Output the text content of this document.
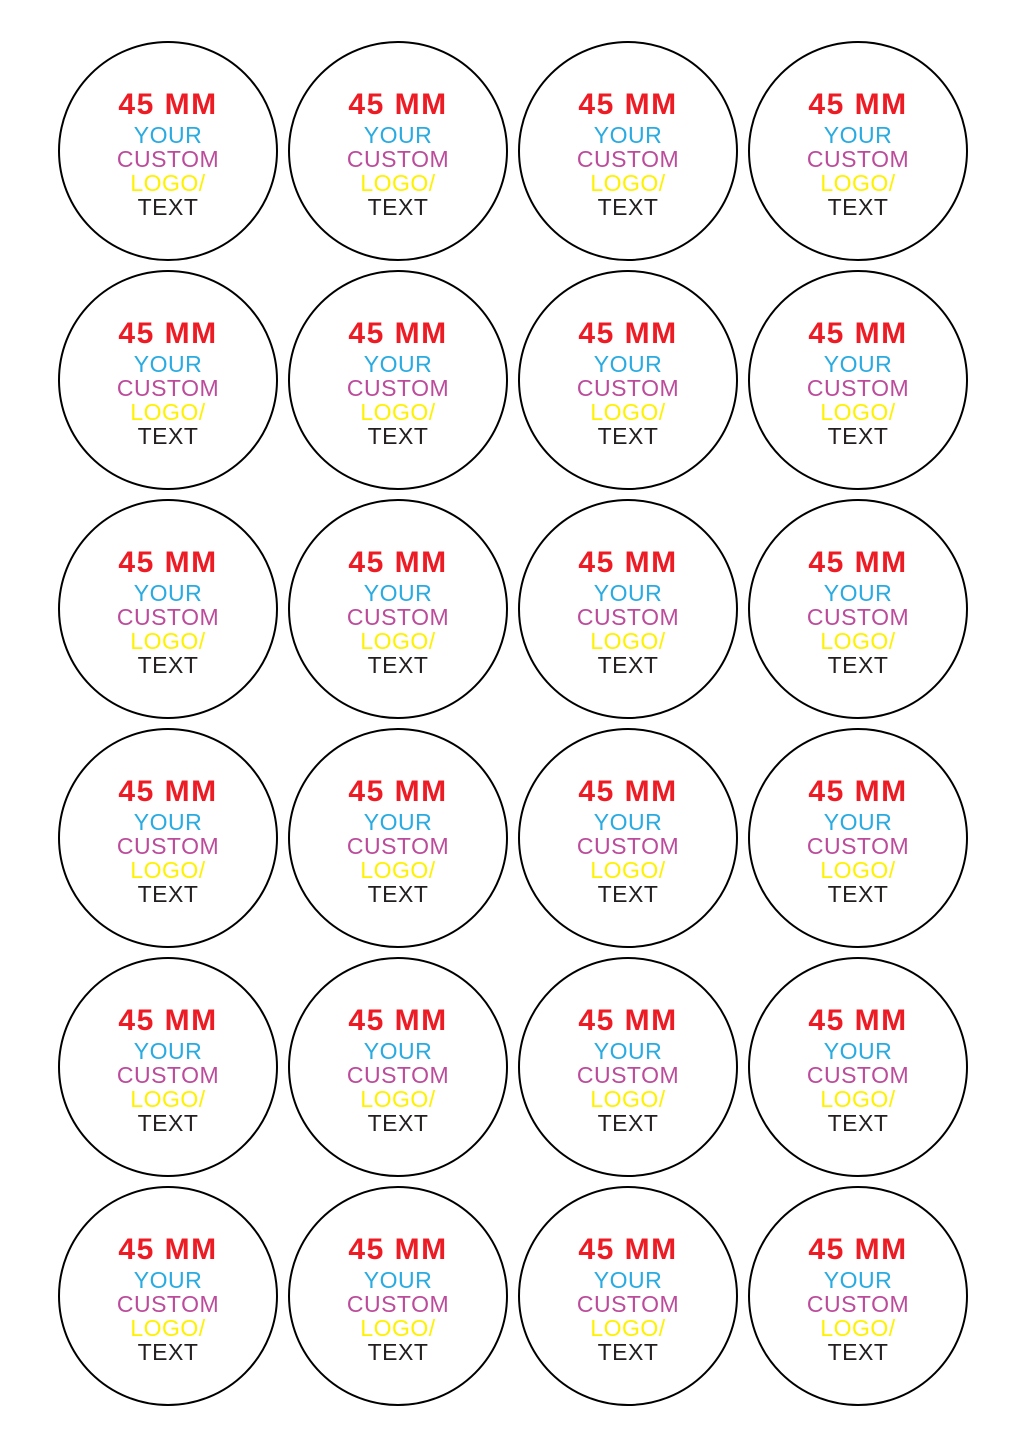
45 MM
YOUR
CUSTOM
LOGO/
TEXT
45 MM
YOUR
CUSTOM
LOGO/
TEXT
45 MM
YOUR
CUSTOM
LOGO/
TEXT
45 MM
YOUR
CUSTOM
LOGO/
TEXT
45 MM
YOUR
CUSTOM
LOGO/
TEXT
45 MM
YOUR
CUSTOM
LOGO/
TEXT
45 MM
YOUR
CUSTOM
LOGO/
TEXT
45 MM
YOUR
CUSTOM
LOGO/
TEXT
45 MM
YOUR
CUSTOM
LOGO/
TEXT
45 MM
YOUR
CUSTOM
LOGO/
TEXT
45 MM
YOUR
CUSTOM
LOGO/
TEXT
45 MM
YOUR
CUSTOM
LOGO/
TEXT
45 MM
YOUR
CUSTOM
LOGO/
TEXT
45 MM
YOUR
CUSTOM
LOGO/
TEXT
45 MM
YOUR
CUSTOM
LOGO/
TEXT
45 MM
YOUR
CUSTOM
LOGO/
TEXT
45 MM
YOUR
CUSTOM
LOGO/
TEXT
45 MM
YOUR
CUSTOM
LOGO/
TEXT
45 MM
YOUR
CUSTOM
LOGO/
TEXT
45 MM
YOUR
CUSTOM
LOGO/
TEXT
45 MM
YOUR
CUSTOM
LOGO/
TEXT
45 MM
YOUR
CUSTOM
LOGO/
TEXT
45 MM
YOUR
CUSTOM
LOGO/
TEXT
45 MM
YOUR
CUSTOM
LOGO/
TEXT
